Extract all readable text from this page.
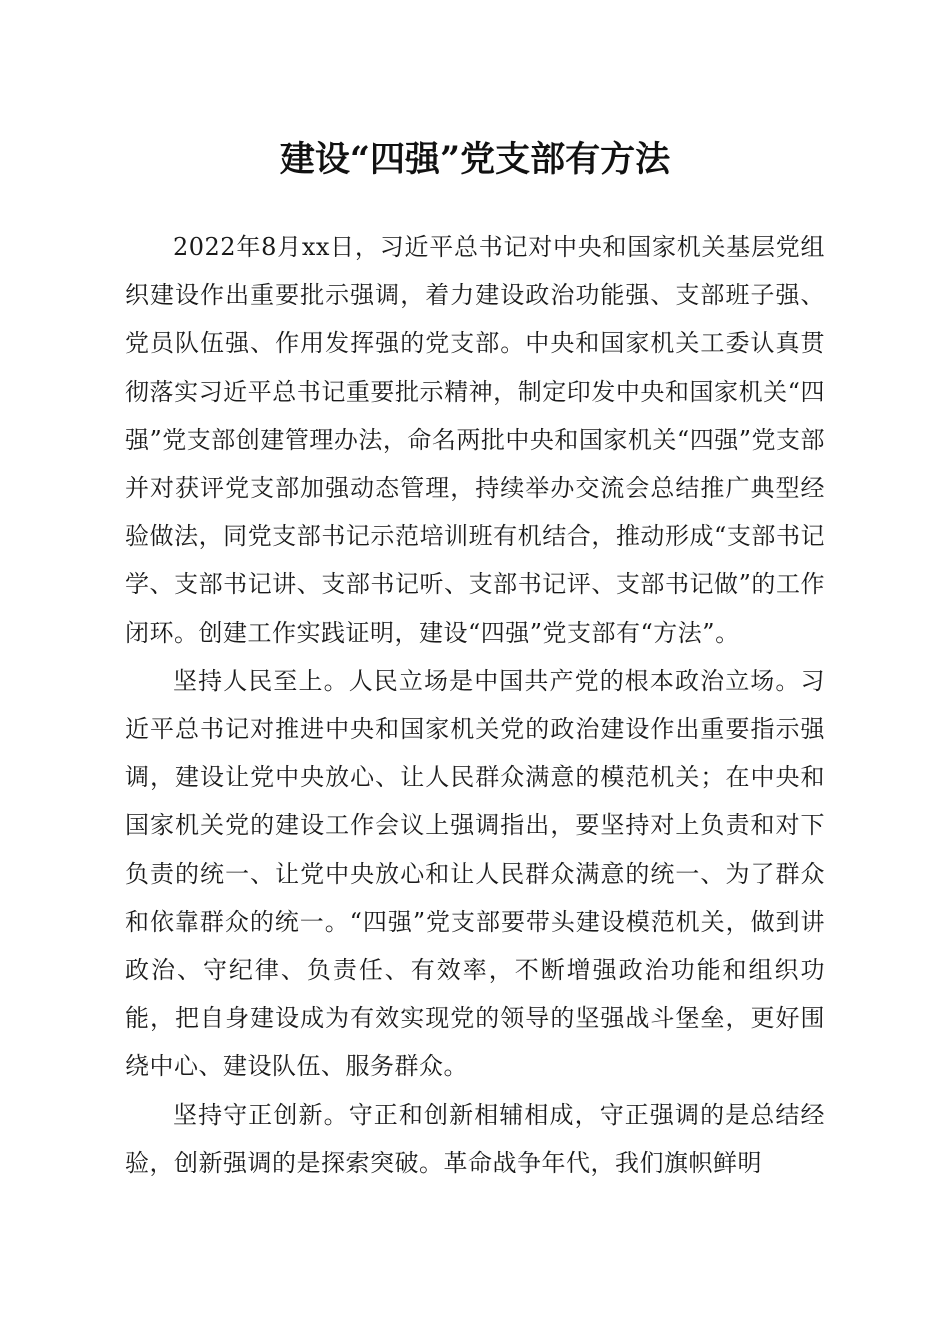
建设“四强”党支部有方法

2022年8月xx日，习近平总书记对中央和国家机关基层党组织建设作出重要批示强调，着力建设政治功能强、支部班子强、党员队伍强、作用发挥强的党支部。中央和国家机关工委认真贯彻落实习近平总书记重要批示精神，制定印发中央和国家机关“四强”党支部创建管理办法，命名两批中央和国家机关“四强”党支部并对获评党支部加强动态管理，持续举办交流会总结推广典型经验做法，同党支部书记示范培训班有机结合，推动形成“支部书记学、支部书记讲、支部书记听、支部书记评、支部书记做”的工作闭环。创建工作实践证明，建设“四强”党支部有“方法”。

坚持人民至上。人民立场是中国共产党的根本政治立场。习近平总书记对推进中央和国家机关党的政治建设作出重要指示强调，建设让党中央放心、让人民群众满意的模范机关；在中央和国家机关党的建设工作会议上强调指出，要坚持对上负责和对下负责的统一、让党中央放心和让人民群众满意的统一、为了群众和依靠群众的统一。“四强”党支部要带头建设模范机关，做到讲政治、守纪律、负责任、有效率，不断增强政治功能和组织功能，把自身建设成为有效实现党的领导的坚强战斗堡垒，更好围绕中心、建设队伍、服务群众。

坚持守正创新。守正和创新相辅相成，守正强调的是总结经验，创新强调的是探索突破。革命战争年代，我们旗帜鲜明
